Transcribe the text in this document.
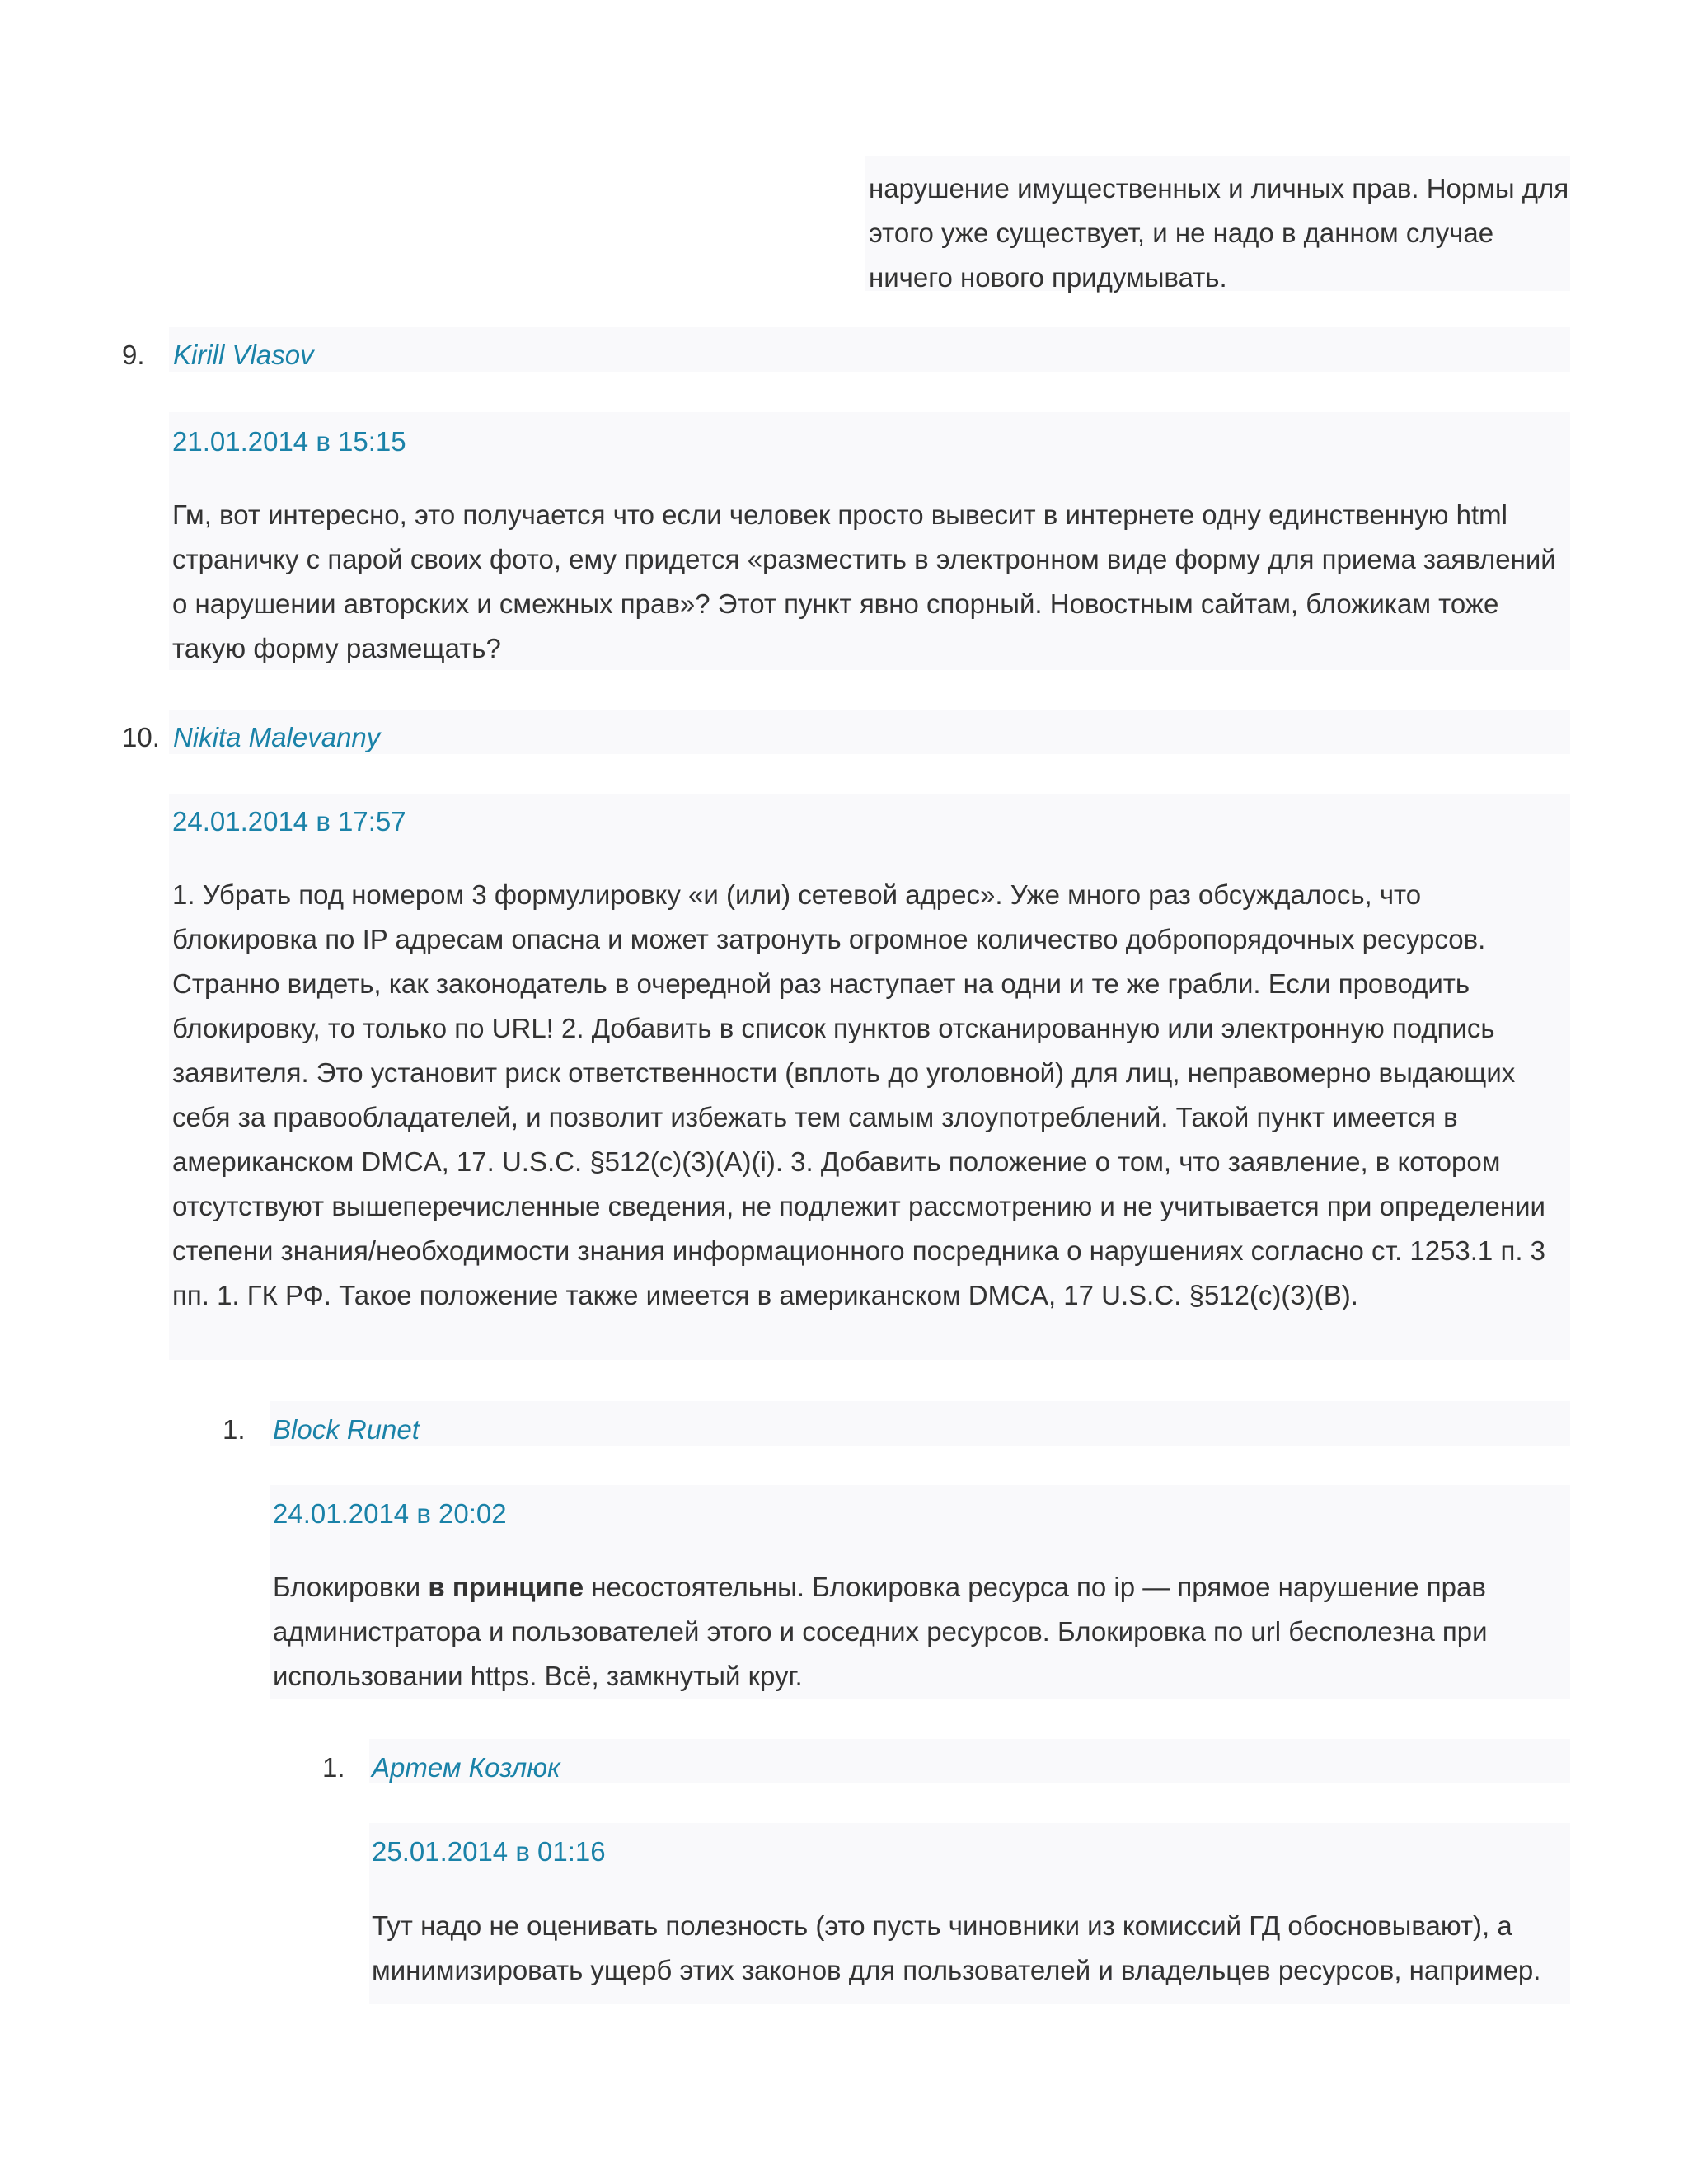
нарушение имущественных и личных прав. Нормы для этого уже существует, и не надо в данном случае ничего нового придумывать.

9. Kirill Vlasov
21.01.2014 в 15:15

Гм, вот интересно, это получается что если человек просто вывесит в интернете одну единственную html страничку с парой своих фото, ему придется «разместить в электронном виде форму для приема заявлений о нарушении авторских и смежных прав»? Этот пункт явно спорный. Новостным сайтам, бложикам тоже такую форму размещать?

10. Nikita Malevanny
24.01.2014 в 17:57

1. Убрать под номером 3 формулировку «и (или) сетевой адрес». Уже много раз обсуждалось, что блокировка по IP адресам опасна и может затронуть огромное количество добропорядочных ресурсов. Странно видеть, как законодатель в очередной раз наступает на одни и те же грабли. Если проводить блокировку, то только по URL! 2. Добавить в список пунктов отсканированную или электронную подпись заявителя. Это установит риск ответственности (вплоть до уголовной) для лиц, неправомерно выдающих себя за правообладателей, и позволит избежать тем самым злоупотреблений. Такой пункт имеется в американском DMCA, 17. U.S.C. §512(c)(3)(A)(i). 3. Добавить положение о том, что заявление, в котором отсутствуют вышеперечисленные сведения, не подлежит рассмотрению и не учитывается при определении степени знания/необходимости знания информационного посредника о нарушениях согласно ст. 1253.1 п. 3 пп. 1. ГК РФ. Такое положение также имеется в американском DMCA, 17 U.S.C. §512(c)(3)(B).

1. Block Runet
24.01.2014 в 20:02

Блокировки в принципе несостоятельны. Блокировка ресурса по ip — прямое нарушение прав администратора и пользователей этого и соседних ресурсов. Блокировка по url бесполезна при использовании https. Всё, замкнутый круг.

1. Артем Козлюк
25.01.2014 в 01:16

Тут надо не оценивать полезность (это пусть чиновники из комиссий ГД обосновывают), а минимизировать ущерб этих законов для пользователей и владельцев ресурсов, например.
